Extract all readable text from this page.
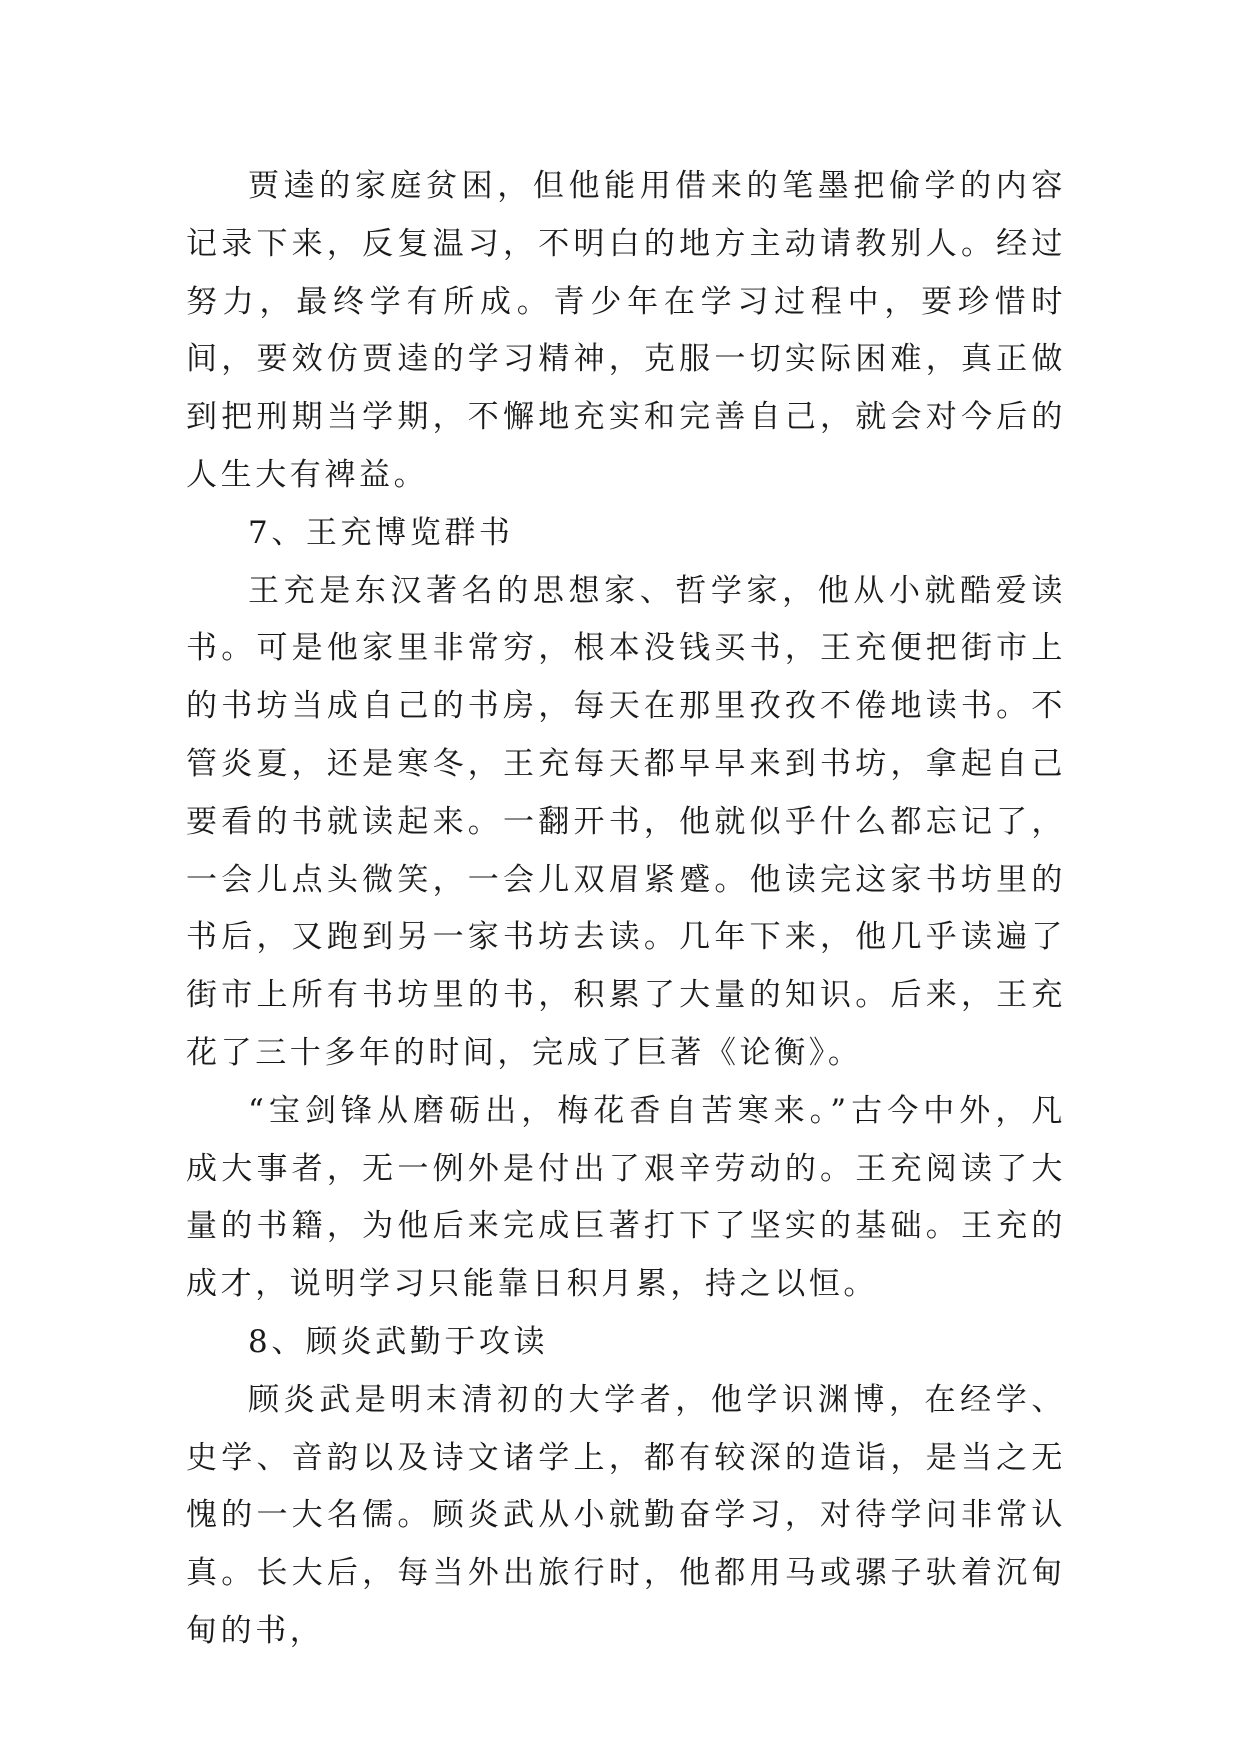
贾逵的家庭贫困，但他能用借来的笔墨把偷学的内容记录下来，反复温习，不明白的地方主动请教别人。经过努力，最终学有所成。青少年在学习过程中，要珍惜时间，要效仿贾逵的学习精神，克服一切实际困难，真正做到把刑期当学期，不懈地充实和完善自己，就会对今后的人生大有裨益。

7、王充博览群书

王充是东汉著名的思想家、哲学家，他从小就酷爱读书。可是他家里非常穷，根本没钱买书，王充便把街市上的书坊当成自己的书房，每天在那里孜孜不倦地读书。不管炎夏，还是寒冬，王充每天都早早来到书坊，拿起自己要看的书就读起来。一翻开书，他就似乎什么都忘记了，一会儿点头微笑，一会儿双眉紧蹙。他读完这家书坊里的书后，又跑到另一家书坊去读。几年下来，他几乎读遍了街市上所有书坊里的书，积累了大量的知识。后来，王充花了三十多年的时间，完成了巨著《论衡》。

“宝剑锋从磨砺出，梅花香自苦寒来。”古今中外，凡成大事者，无一例外是付出了艰辛劳动的。王充阅读了大量的书籍，为他后来完成巨著打下了坚实的基础。王充的成才，说明学习只能靠日积月累，持之以恒。

8、顾炎武勤于攻读

顾炎武是明末清初的大学者，他学识渊博，在经学、史学、音韵以及诗文诸学上，都有较深的造诣，是当之无愧的一大名儒。顾炎武从小就勤奋学习，对待学问非常认真。长大后，每当外出旅行时，他都用马或骡子驮着沉甸甸的书，
